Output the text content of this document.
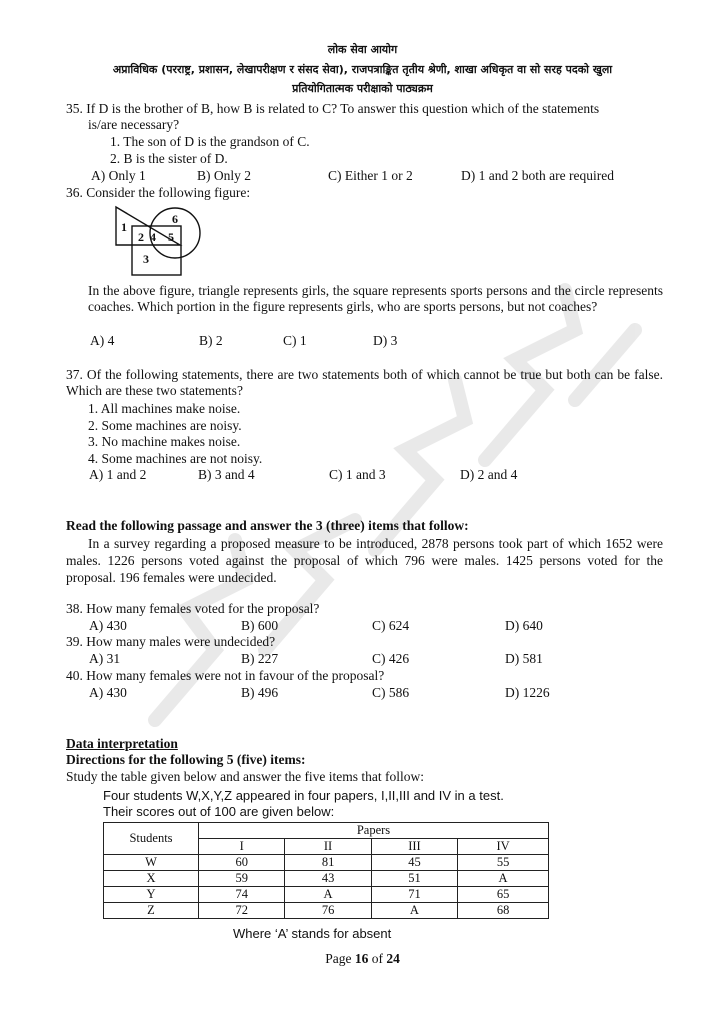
लोक सेवा आयोग
अप्राविधिक (परराष्ट्र, प्रशासन, लेखापरीक्षण र संसद सेवा), राजपत्राङ्कित तृतीय श्रेणी, शाखा अधिकृत वा सो सरह पदको खुला
प्रतियोगितात्मक परीक्षाको पाठ्यक्रम
35. If D is the brother of B, how B is related to C? To answer this question which of the statements
is/are necessary?
1. The son of D is the grandson of C.
2. B is the sister of D.
A) Only 1	B) Only 2	C) Either 1 or 2	D) 1 and 2 both are required
36. Consider the following figure:
1
2 4 5
6
3
In the above figure, triangle represents girls, the square represents sports persons and the circle represents coaches. Which portion in the figure represents girls, who are sports persons, but not coaches?
A) 4	B) 2	C) 1	D) 3
37. Of the following statements, there are two statements both of which cannot be true but both can be false. Which are these two statements?
1. All machines make noise.
2. Some machines are noisy.
3. No machine makes noise.
4. Some machines are not noisy.
A) 1 and 2	B) 3 and 4	C) 1 and 3	D) 2 and 4
Read the following passage and answer the 3 (three) items that follow:
In a survey regarding a proposed measure to be introduced, 2878 persons took part of which 1652 were males. 1226 persons voted against the proposal of which 796 were males. 1425 persons voted for the proposal. 196 females were undecided.
38. How many females voted for the proposal?
A) 430	B) 600	C) 624	D) 640
39. How many males were undecided?
A) 31	B) 227	C) 426	D) 581
40. How many females were not in favour of the proposal?
A) 430	B) 496	C) 586	D) 1226
Data interpretation
Directions for the following 5 (five) items:
Study the table given below and answer the five items that follow:
Four students W,X,Y,Z appeared in four papers, I,II,III and IV in a test.
Their scores out of 100 are given below:
Students	Papers			
	I	II	III	IV
W	60	81	45	55
X	59	43	51	A
Y	74	A	71	65
Z	72	76	A	68
Where ‘A’ stands for absent
Page 16 of 24
